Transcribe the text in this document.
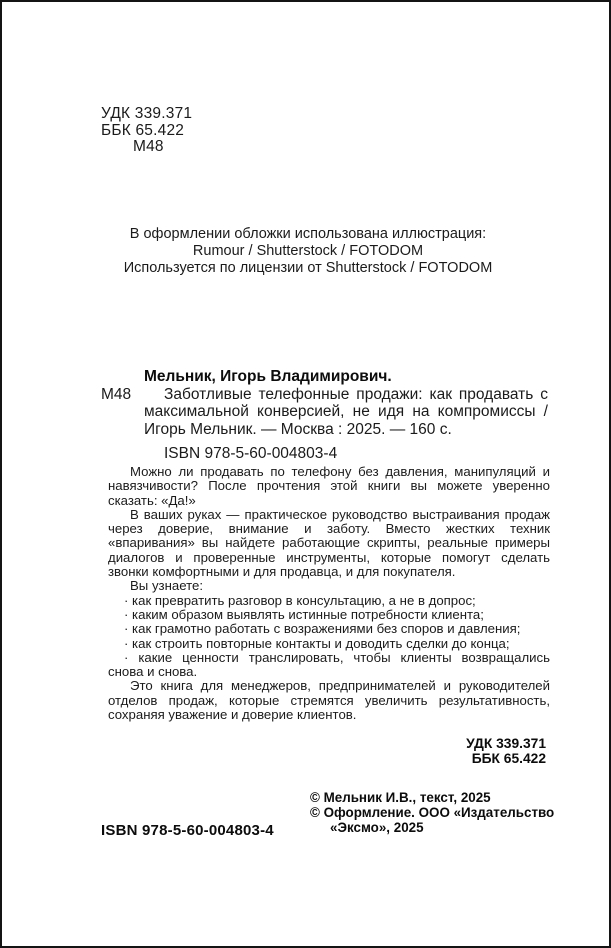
УДК 339.371
ББК 65.422
М48
В оформлении обложки использована иллюстрация:
Rumour / Shutterstock / FOTODOM
Используется по лицензии от Shutterstock / FOTODOM
М48
Мельник, Игорь Владимирович.

Заботливые телефонные продажи: как продавать с максимальной конверсией, не идя на компромиссы / Игорь Мельник. — Москва : 2025. — 160 с.

ISBN 978-5-60-004803-4

Можно ли продавать по телефону без давления, манипуляций и навязчивости? После прочтения этой книги вы можете уверенно сказать: «Да!»

В ваших руках — практическое руководство выстраивания продаж через доверие, внимание и заботу. Вместо жестких техник «впаривания» вы найдете работающие скрипты, реальные примеры диалогов и проверенные инструменты, которые помогут сделать звонки комфортными и для продавца, и для покупателя.

Вы узнаете:

· как превратить разговор в консультацию, а не в допрос;

· каким образом выявлять истинные потребности клиента;

· как грамотно работать с возражениями без споров и давления;

· как строить повторные контакты и доводить сделки до конца;

· какие ценности транслировать, чтобы клиенты возвращались снова и снова.

Это книга для менеджеров, предпринимателей и руководителей отделов продаж, которые стремятся увеличить результативность, сохраняя уважение и доверие клиентов.

УДК 339.371
ББК 65.422
© Мельник И.В., текст, 2025
© Оформление. ООО «Издательство
«Эксмо», 2025
ISBN 978-5-60-004803-4
